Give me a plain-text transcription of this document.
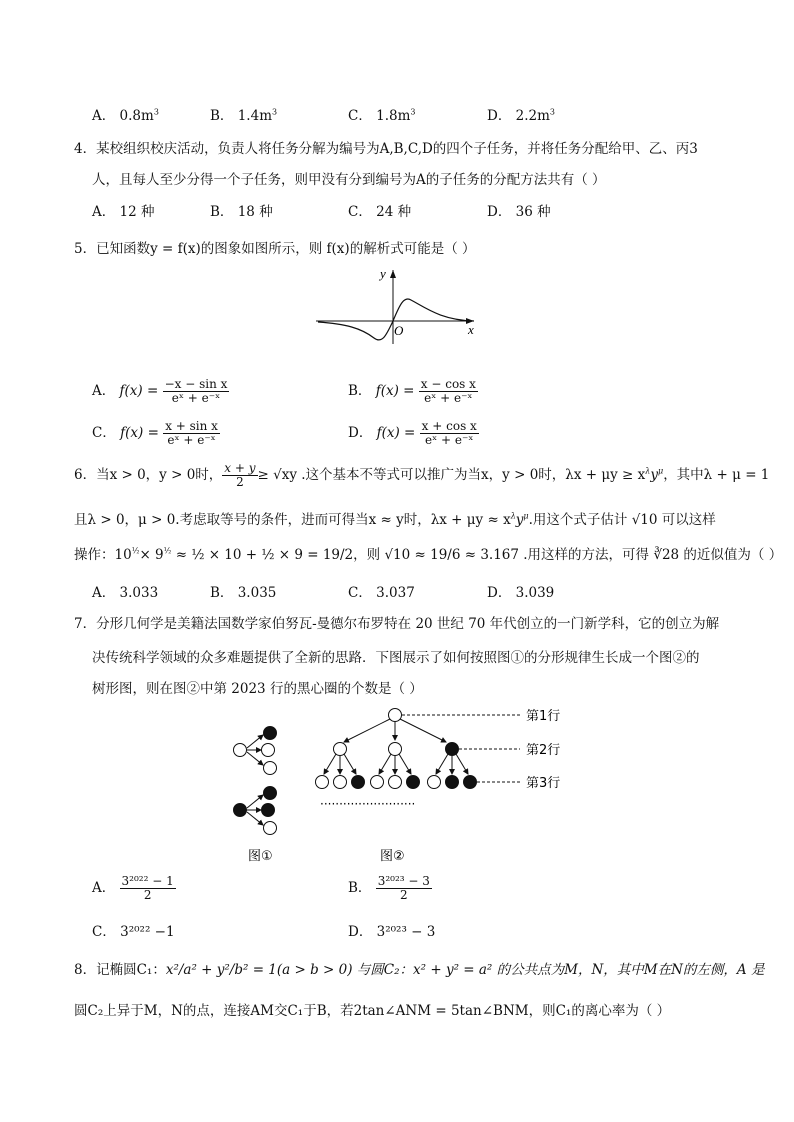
A． $0.8m^3$	B． $1.4m^3$	C． $1.8m^3$	D． $2.2m^3$
4．某校组织校庆活动，负责人将任务分解为编号为A,B,C,D的四个子任务，并将任务分配给甲、乙、丙3
人，且每人至少分得一个子任务，则甲没有分到编号为A的子任务的分配方法共有（ ）
A． 12 种	B． 18 种	C． 24 种	D． 36 种
5．已知函数y = f(x)的图象如图所示，则 f(x)的解析式可能是（ ）
y
x
O
A． $f(x) = \frac{\text{−x − sin x}}{\text{eˣ + e⁻ˣ}}$	B． $f(x) = \frac{\text{x − cos x}}{\text{eˣ + e⁻ˣ}}$
C． $f(x) = \frac{\text{x + sin x}}{\text{eˣ + e⁻ˣ}}$	D． $f(x) = \frac{\text{x + cos x}}{\text{eˣ + e⁻ˣ}}$
6．当x > 0，y > 0时， $\frac{x + y}{2} \ge √xy$ .这个基本不等式可以推广为当x，y > 0时，$\lambda x + \mu y \ge x^\lambda y^\mu$，其中λ + μ = 1
且λ > 0，μ > 0.考虑取等号的条件，进而可得当x ≈ y时，$\lambda x + \mu y \approx x^\lambda y^\mu$.用这个式子估计 √10 可以这样
操作：$10^{\frac{1}{2}}\times 9^{\frac{1}{2}}$ ≈ ½ × 10 + ½ × 9 = 19/2，则 √10 ≈ 19/6 ≈ 3.167 .用这样的方法，可得 ∛28 的近似值为（ ）
A． 3.033	B． 3.035	C． 3.037	D． 3.039
7．分形几何学是美籍法国数学家伯努瓦-曼德尔布罗特在 20 世纪 70 年代创立的一门新学科，它的创立为解
决传统科学领域的众多难题提供了全新的思路．下图展示了如何按照图①的分形规律生长成一个图②的
树形图，则在图②中第 2023 行的黑心圈的个数是（ ）
第1行
第2行
第3行
·························
图①	图②
A． $\frac{\text{3²⁰²² − 1}}{2}$	B． $\frac{\text{3²⁰²³ − 3}}{2}$
C． 3²⁰²² −1	D． 3²⁰²³ − 3
8．记椭圆C₁：x²/a² + y²/b² = 1(a > b > 0) 与圆C₂：x² + y² = a² 的公共点为M，N，其中M在N的左侧，A 是
圆C₂上异于M，N的点，连接AM交C₁于B，若2tan∠ANM = 5tan∠BNM，则C₁的离心率为（ ）
